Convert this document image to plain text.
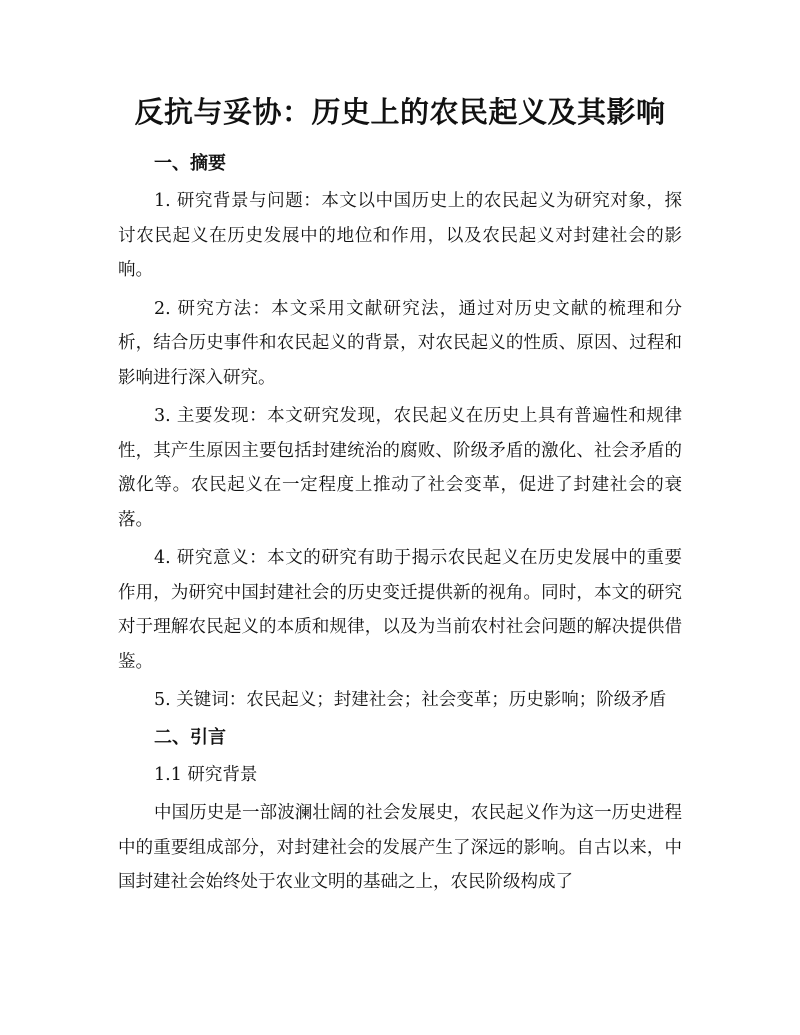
反抗与妥协：历史上的农民起义及其影响
一、摘要

1. 研究背景与问题：本文以中国历史上的农民起义为研究对象，探讨农民起义在历史发展中的地位和作用，以及农民起义对封建社会的影响。

2. 研究方法：本文采用文献研究法，通过对历史文献的梳理和分析，结合历史事件和农民起义的背景，对农民起义的性质、原因、过程和影响进行深入研究。

3. 主要发现：本文研究发现，农民起义在历史上具有普遍性和规律性，其产生原因主要包括封建统治的腐败、阶级矛盾的激化、社会矛盾的激化等。农民起义在一定程度上推动了社会变革，促进了封建社会的衰落。

4. 研究意义：本文的研究有助于揭示农民起义在历史发展中的重要作用，为研究中国封建社会的历史变迁提供新的视角。同时，本文的研究对于理解农民起义的本质和规律，以及为当前农村社会问题的解决提供借鉴。

5. 关键词：农民起义；封建社会；社会变革；历史影响；阶级矛盾

二、引言

1.1 研究背景

中国历史是一部波澜壮阔的社会发展史，农民起义作为这一历史进程中的重要组成部分，对封建社会的发展产生了深远的影响。自古以来，中国封建社会始终处于农业文明的基础之上，农民阶级构成了
